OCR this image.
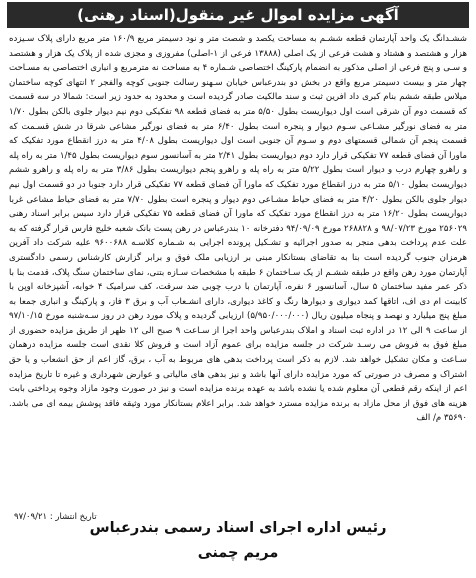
آگهی مزایده اموال غیر منقول(اسناد رهنی)
ششـدانگ یک واحد آپارتمان قطعه ششـم به مساحت یکصد و شصت متر و نود دسیمتر مربع ۱۶۰/۹ متر مربع دارای پلاک سـیزده هزار و هشتصد و هشتاد و هشت فرعی از یک اصلی (۱۳۸۸۸ فرعی از ۱-اصلی) مفروزی و مجزی شده از پلاک یک هزار و هشتصد و سـی و پنج فرعی از اصلی مذکور به انضمام پارکینگ اختصاصی شـماره ۴ به مساحت نه مترمربع و انباری اختصاصی به مسـاحت چهار متر و بیست دسیمتر مربع واقع در بخش دو بندرعباس خیابان سـهنو رسالت جنوبی کوچه والفجر ۲ انتهای کوچه ساختمان میلاس طبقه ششم بنام کبری داد افرین ثبت و سند مالکیت صادر گردیده است و محدود به حدود زیر است: شمالا در سه قسمت که قسمت دوم آن شرقی است اول دیواریست بطول ۵/۵۰ متر به فضای قطعه ۹۸ تفکیکی دوم نیم دیوار جلوی بالکن بطول ۱/۷۰ متر به فضای نورگیر مشـاعی سـوم دیوار و پنجره است بطول ۶/۴۰ متر به فضای نورگیر مشاعی شرقا در شش قسـمت که قسمت پنجم آن شمالی قسمتهای دوم و سـوم آن جنوبی است اول دیواریست بطول ۴/۰۸ متر به درز انقطاع مورد تفکیک که ماورا آن فضای قطعه ۷۷ تفکیکی قرار دارد دوم دیواریست بطول ۲/۴۱ متر به آسانسور سوم دیواریست بطول ۱/۴۵ متر به راه پله و راهرو چهارم درب و دیوار است بطول ۵/۲۲ متر به راه پله و راهرو پنجم دیواریست بطول ۳/۸۶ متر به راه پله و راهرو ششم دیواریست بطول ۵/۱۰ متر به درز انقطاع مورد تفکیک که ماورا آن فضای قطعه ۷۷ تفکیکی قرار دارد جنوبا در دو قسمت اول نیم دیوار جلوی بالکن بطول ۴/۲۰ متر به فضای حیاط مشـاعی دوم دیوار و پنجره است بطول ۷/۷۰ متر به فضای حیاط مشاعی غربا دیواریست بطول ۱۶/۲۰ متر به درز انقطاع مورد تفکیک که ماورا آن فضای قطعه ۷۵ تفکیکی قرار دارد سیس برابر اسناد رهنی ۲۵۶۰۲۹ مورخ ۹۸/۰۷/۲۳ و ۲۶۸۸۲۸ مورخ ۹۴/۰۹/۰۹ دفترخانه ۱۰ بندرعباس در رهن پست بانک شعبه خلیج فارس قرار گرفته که به علت عدم پرداخت بدهی منجر به صدور اجرائیه و تشـکیل پرونده اجرایی به شـماره کلاسـه ۹۶۰۰۶۸۸ علیه شرکت داد آفرین هرمزان جنوب گردیده است بنا به تقاضای بستانکار مبنی بر ارزیابی ملک فوق و برابر گزارش کارشناس رسمی دادگستری آپارتمان مورد رهن واقع در طبقه ششـم از یک سـاختمان ۶ طبقه با مشخصات سـازه بتنی، نمای ساختمان سنگ پلاک، قدمت بنا با ذکر عمر مفید ساختمان ۵ سال، آسانسور ۶ نفره، آپارتمان با درب چوبی ضد سرقت، کف سرامیک ۴ خوابه، آشپزخانه اوپن با کابینت ام دی اف، اتاقها کمد دیواری و دیوارها رنگ و کاغذ دیواری، دارای انشـعاب آب و برق ۳ فاز، و پارکینگ و انباری جمعا به مبلغ پنج میلیارد و نهصد و پنجاه میلیون ریال (۵/۹۵۰/۰۰۰/۰۰۰) ارزیابی گردیده و پلاک مورد رهن در روز سـه‌شنبه مورخ ۹۷/۱۰/۱۵ از ساعت ۹ الی ۱۲ در اداره ثبت اسناد و املاک بندرعباس واحد اجرا از سـاعت ۹ صبح الی ۱۲ ظهر از طریق مزایده حضوری از مبلغ فوق به فروش می رسـد شرکت در جلسه مزایده برای عموم آزاد است و فروش کلا نقدی است جلسه مزایده درهمان سـاعت و مکان تشکیل خواهد شد. لازم به ذکر است پرداخت بدهی های مربوط به آب ، برق، گاز اعم از حق انشعاب و یا حق اشتراک و مصرف در صورتی که مورد مزایده دارای آنها باشد و نیز بدهی های مالیاتی و عوارض شهرداری و غیره تا تاریخ مزایده اعم از اینکه رقم قطعی آن معلوم شده یا نشده باشد به عهده برنده مزایده است و نیز در صورت وجود مازاد وجوه پرداختی بابت هزینه های فوق از محل مازاد به برنده مزایده مسترد خواهد شد. برابر اعلام بستانکار مورد وثیقه فاقد پوشش بیمه ای می باشد. ۳۵۶۹۰ م/ الف
تاریخ انتشار : ۹۷/۰۹/۲۱
رئیس اداره اجرای اسناد رسمی بندرعباس
مریم چمنی
